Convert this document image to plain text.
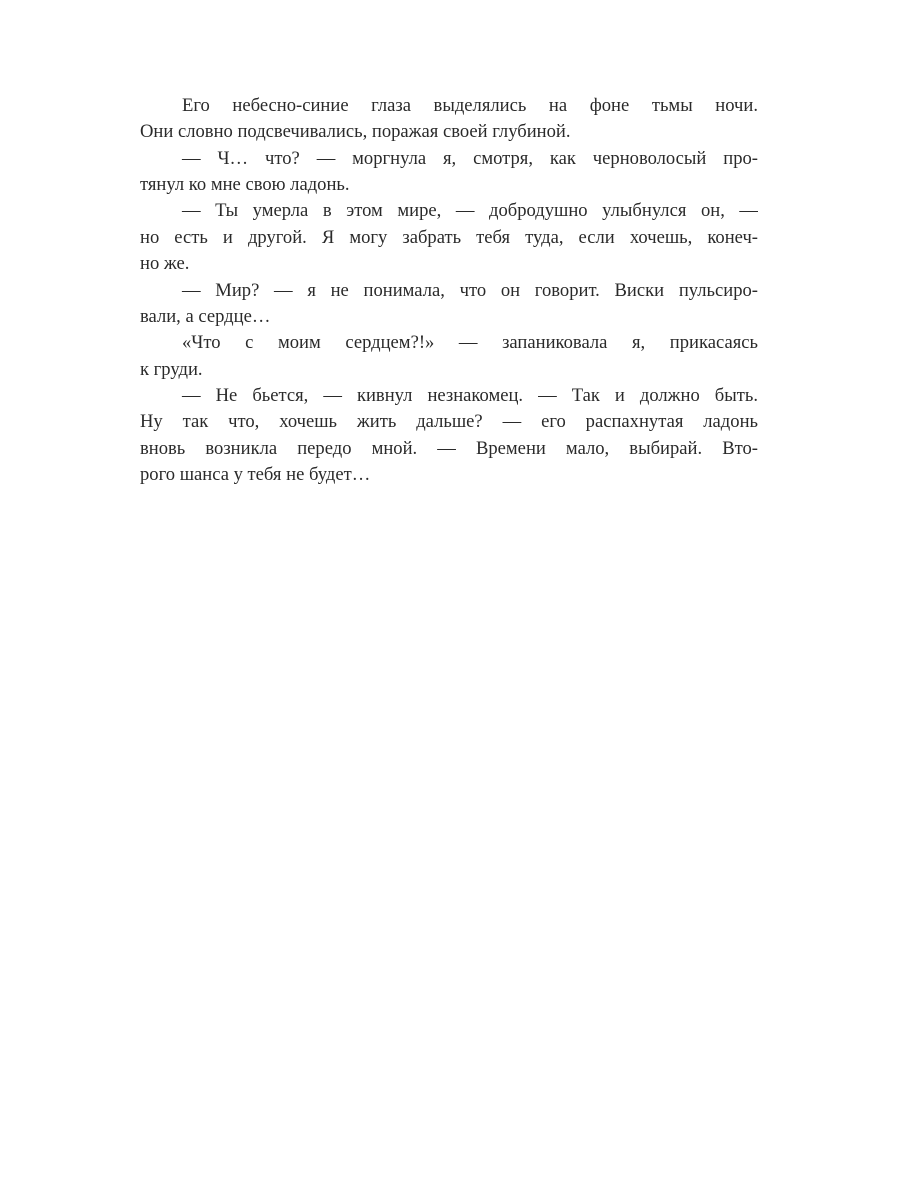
Его небесно-синие глаза выделялись на фоне тьмы ночи.
Они словно подсвечивались, поражая своей глубиной.
— Ч… что? — моргнула я, смотря, как черноволосый про-
тянул ко мне свою ладонь.
— Ты умерла в этом мире, — добродушно улыбнулся он, —
но есть и другой. Я могу забрать тебя туда, если хочешь, конеч-
но же.
— Мир? — я не понимала, что он говорит. Виски пульсиро-
вали, а сердце…
«Что с моим сердцем?!» — запаниковала я, прикасаясь
к груди.
— Не бьется, — кивнул незнакомец. — Так и должно быть.
Ну так что, хочешь жить дальше? — его распахнутая ладонь
вновь возникла передо мной. — Времени мало, выбирай. Вто-
рого шанса у тебя не будет…
